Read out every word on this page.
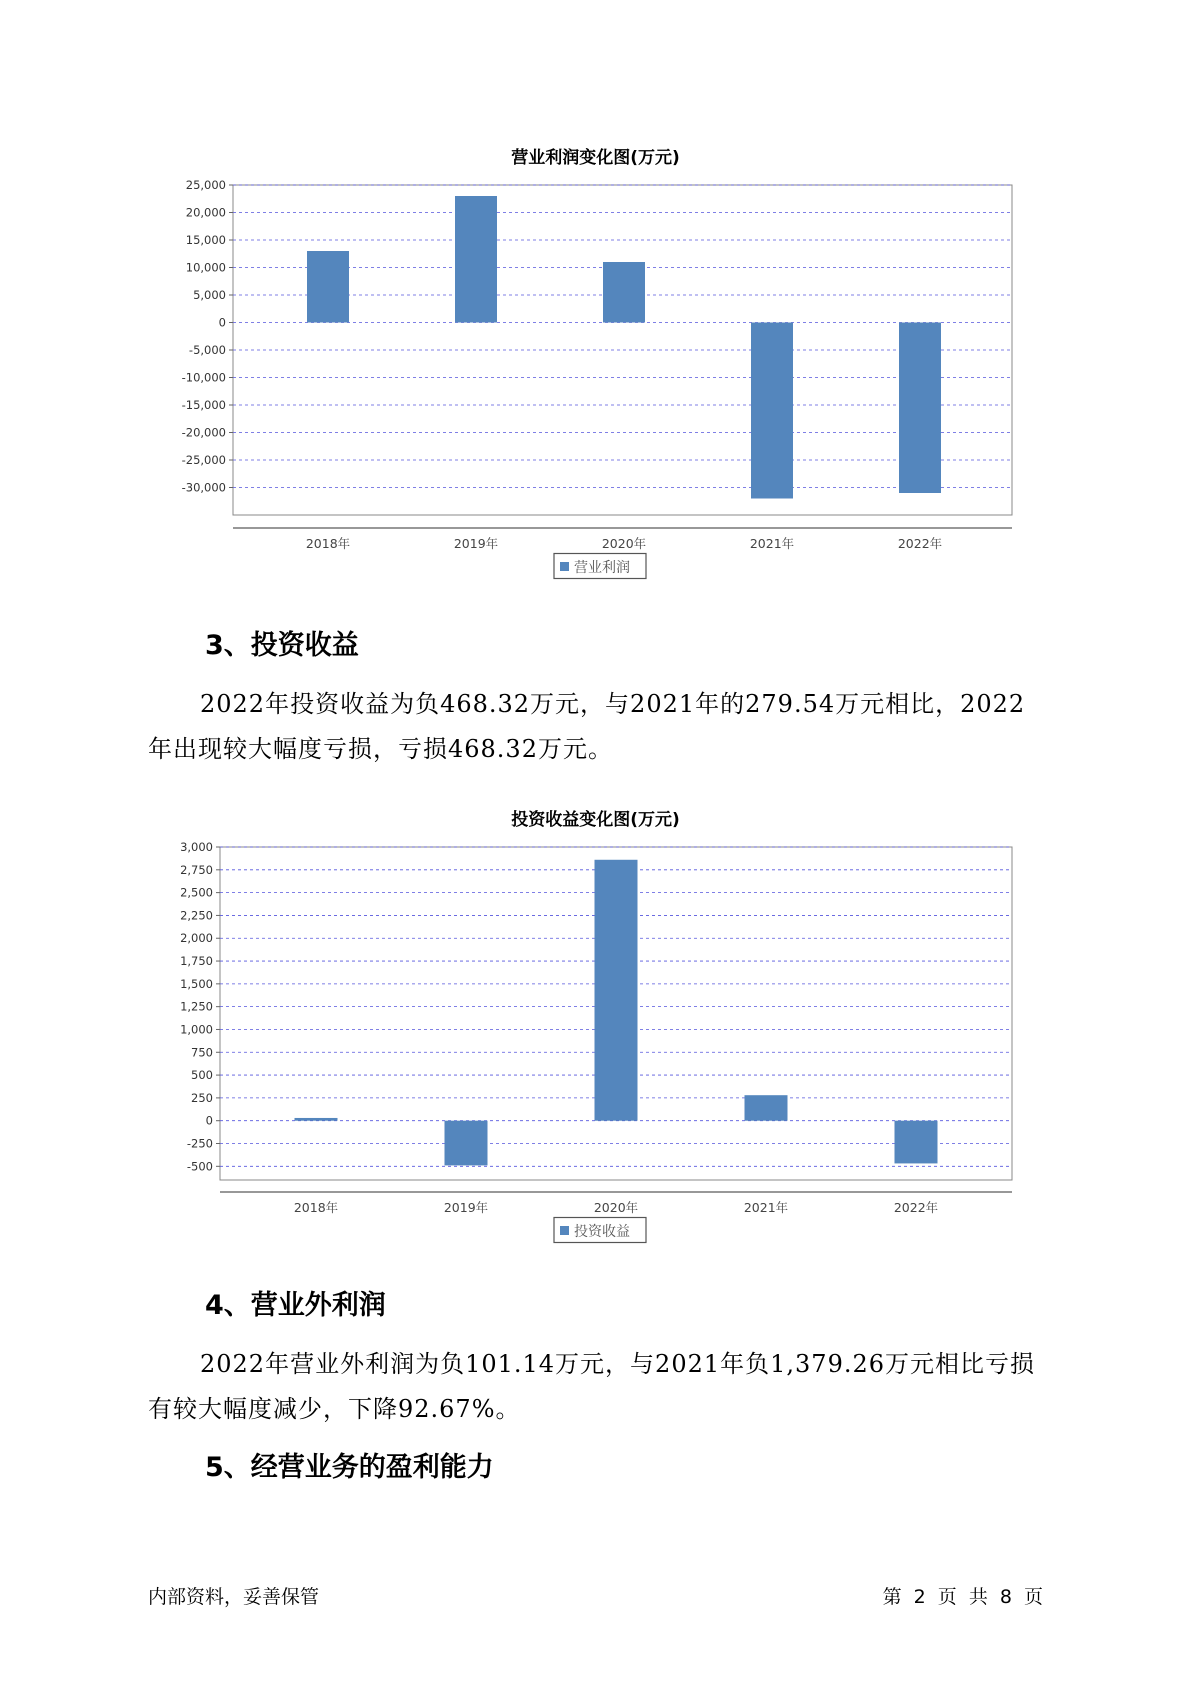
营业利润变化图(万元)
25,000
20,000
15,000
10,000
5,000
0
-5,000
-10,000
-15,000
-20,000
-25,000
-30,000
2018年	2019年	2020年	2021年	2022年
营业利润
3、投资收益
2022年投资收益为负468.32万元，与2021年的279.54万元相比，2022年出现较大幅度亏损，亏损468.32万元。
投资收益变化图(万元)
3,000
2,750
2,500
2,250
2,000
1,750
1,500
1,250
1,000
750
500
250
0
-250
-500
2018年	2019年	2020年	2021年	2022年
投资收益
4、营业外利润
2022年营业外利润为负101.14万元，与2021年负1,379.26万元相比亏损有较大幅度减少，下降92.67%。
5、经营业务的盈利能力
内部资料，妥善保管	第 2 页 共 8 页
